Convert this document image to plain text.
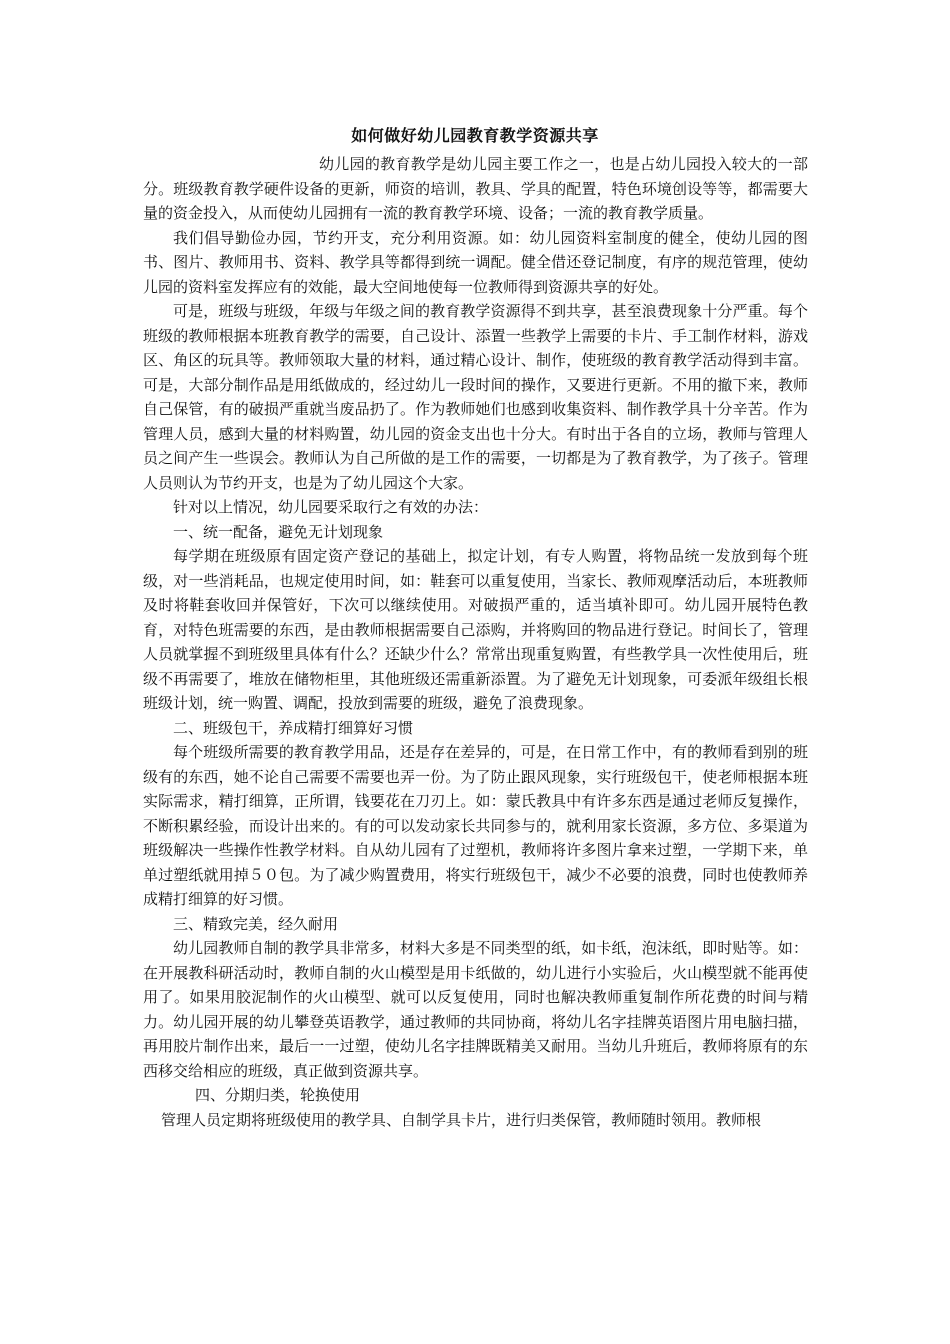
如何做好幼儿园教育教学资源共享

幼儿园的教育教学是幼儿园主要工作之一，也是占幼儿园投入较大的一部分。班级教育教学硬件设备的更新，师资的培训，教具、学具的配置，特色环境创设等等，都需要大量的资金投入，从而使幼儿园拥有一流的教育教学环境、设备；一流的教育教学质量。

我们倡导勤俭办园，节约开支，充分利用资源。如：幼儿园资料室制度的健全，使幼儿园的图书、图片、教师用书、资料、教学具等都得到统一调配。健全借还登记制度，有序的规范管理，使幼儿园的资料室发挥应有的效能，最大空间地使每一位教师得到资源共享的好处。

可是，班级与班级，年级与年级之间的教育教学资源得不到共享，甚至浪费现象十分严重。每个班级的教师根据本班教育教学的需要，自己设计、添置一些教学上需要的卡片、手工制作材料，游戏区、角区的玩具等。教师领取大量的材料，通过精心设计、制作，使班级的教育教学活动得到丰富。可是，大部分制作品是用纸做成的，经过幼儿一段时间的操作，又要进行更新。不用的撤下来，教师自己保管，有的破损严重就当废品扔了。作为教师她们也感到收集资料、制作教学具十分辛苦。作为管理人员，感到大量的材料购置，幼儿园的资金支出也十分大。有时出于各自的立场，教师与管理人员之间产生一些误会。教师认为自己所做的是工作的需要，一切都是为了教育教学，为了孩子。管理人员则认为节约开支，也是为了幼儿园这个大家。

针对以上情况，幼儿园要采取行之有效的办法：

一、统一配备，避免无计划现象

每学期在班级原有固定资产登记的基础上，拟定计划，有专人购置，将物品统一发放到每个班级，对一些消耗品，也规定使用时间，如：鞋套可以重复使用，当家长、教师观摩活动后，本班教师及时将鞋套收回并保管好，下次可以继续使用。对破损严重的，适当填补即可。幼儿园开展特色教育，对特色班需要的东西，是由教师根据需要自己添购，并将购回的物品进行登记。时间长了，管理人员就掌握不到班级里具体有什么？还缺少什么？常常出现重复购置，有些教学具一次性使用后，班级不再需要了，堆放在储物柜里，其他班级还需重新添置。为了避免无计划现象，可委派年级组长根班级计划，统一购置、调配，投放到需要的班级，避免了浪费现象。

二、班级包干，养成精打细算好习惯

每个班级所需要的教育教学用品，还是存在差异的，可是，在日常工作中，有的教师看到别的班级有的东西，她不论自己需要不需要也弄一份。为了防止跟风现象，实行班级包干，使老师根据本班实际需求，精打细算，正所谓，钱要花在刀刃上。如：蒙氏教具中有许多东西是通过老师反复操作，不断积累经验，而设计出来的。有的可以发动家长共同参与的，就利用家长资源，多方位、多渠道为班级解决一些操作性教学材料。自从幼儿园有了过塑机，教师将许多图片拿来过塑，一学期下来，单单过塑纸就用掉５０包。为了减少购置费用，将实行班级包干，减少不必要的浪费，同时也使教师养成精打细算的好习惯。

三、精致完美，经久耐用

幼儿园教师自制的教学具非常多，材料大多是不同类型的纸，如卡纸，泡沫纸，即时贴等。如：在开展教科研活动时，教师自制的火山模型是用卡纸做的，幼儿进行小实验后，火山模型就不能再使用了。如果用胶泥制作的火山模型、就可以反复使用，同时也解决教师重复制作所花费的时间与精力。幼儿园开展的幼儿攀登英语教学，通过教师的共同协商，将幼儿名字挂牌英语图片用电脑扫描，再用胶片制作出来，最后一一过塑，使幼儿名字挂牌既精美又耐用。当幼儿升班后，教师将原有的东西移交给相应的班级，真正做到资源共享。

四、分期归类，轮换使用

管理人员定期将班级使用的教学具、自制学具卡片，进行归类保管，教师随时领用。教师根
